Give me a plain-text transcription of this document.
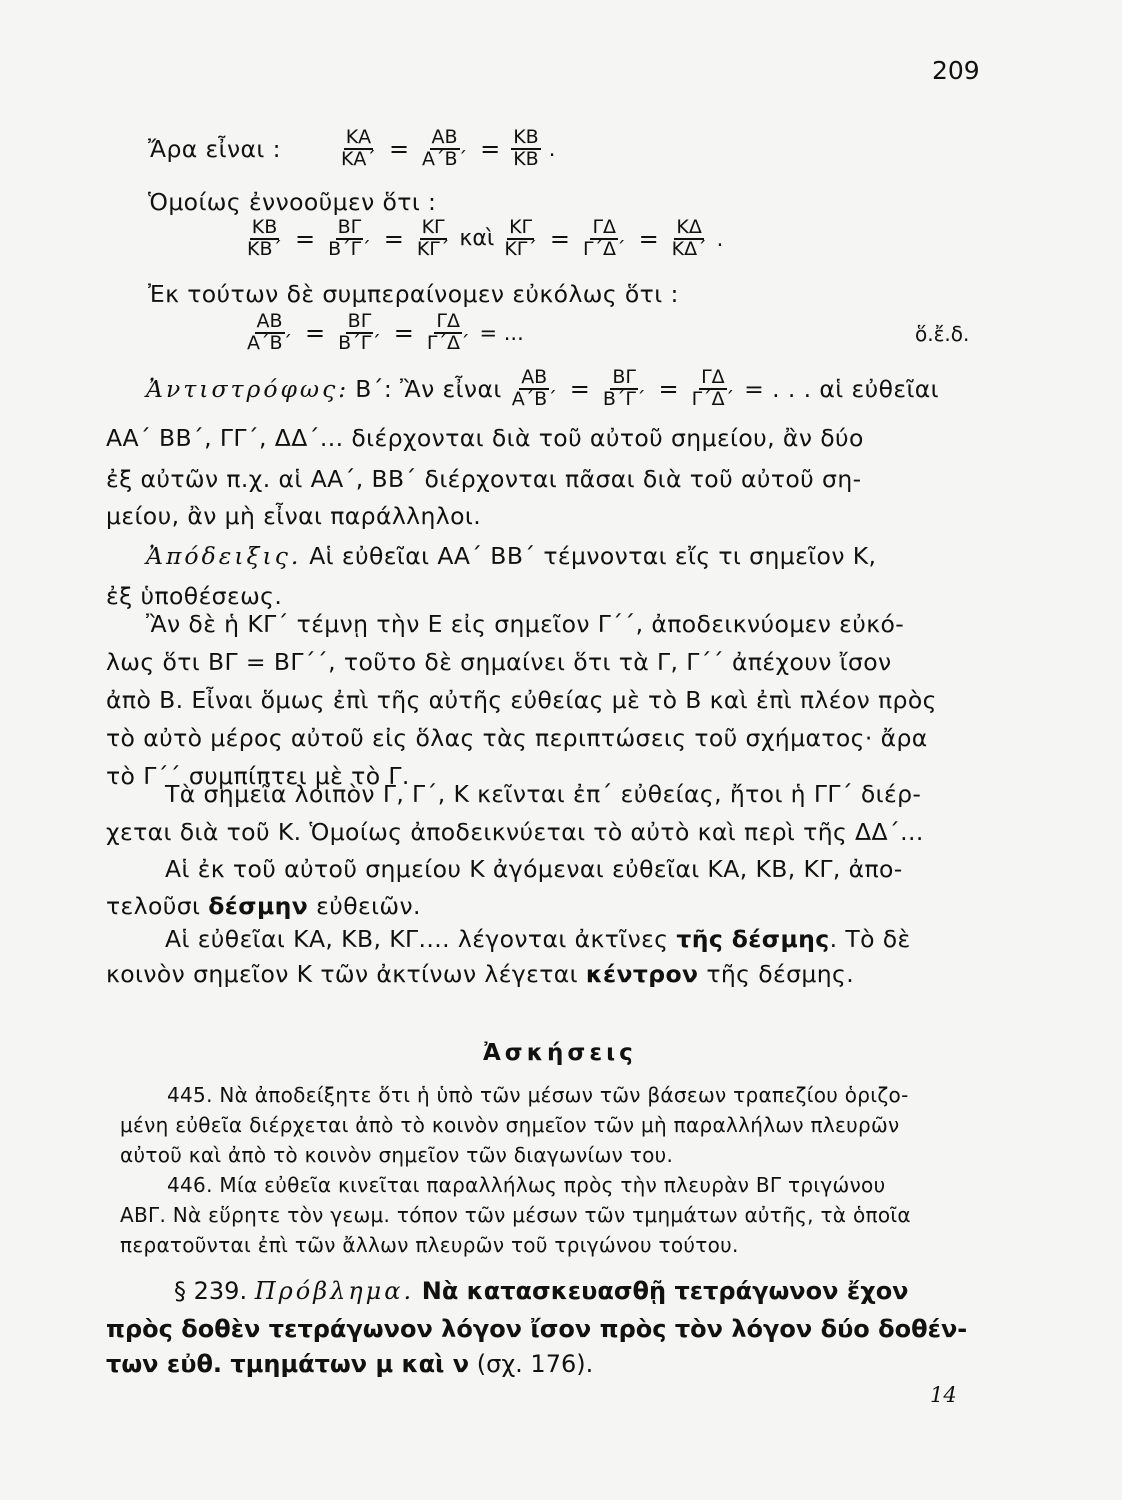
209
Ἄρα εἶναι :	$\frac{KA}{KA΄} = \frac{AB}{A΄B΄} = \frac{KB}{KB}$ .
Ὁμοίως ἐννοοῦμεν ὅτι :
$\frac{KB}{KB΄} = \frac{B\Gamma}{B΄\Gamma΄} = \frac{K\Gamma}{K\Gamma΄}$ καὶ $\frac{K\Gamma}{K\Gamma΄} = \frac{\Gamma\Delta}{\Gamma΄\Delta΄} = \frac{K\Delta}{K\Delta΄}$ .
Ἐκ τούτων δὲ συμπεραίνομεν εὐκόλως ὅτι :
$\frac{AB}{A΄B΄} = \frac{B\Gamma}{B΄\Gamma΄} = \frac{\Gamma\Delta}{\Gamma΄\Delta΄}$ = ...	ὅ.ἔ.δ.
Ἀντιστρόφως: Β΄: Ἂν εἶναι $\frac{AB}{A΄B΄} = \frac{B\Gamma}{B΄\Gamma΄} = \frac{\Gamma\Delta}{\Gamma΄\Delta΄}$ = . . . αἱ εὐθεῖαι
ΑΑ΄ ΒΒ΄, ΓΓ΄, ΔΔ΄... διέρχονται διὰ τοῦ αὐτοῦ σημείου, ἂν δύο
ἐξ αὐτῶν π.χ. αἱ ΑΑ΄, ΒΒ΄ διέρχονται πᾶσαι διὰ τοῦ αὐτοῦ ση-
μείου, ἂν μὴ εἶναι παράλληλοι.
Ἀπόδειξις. Αἱ εὐθεῖαι ΑΑ΄ ΒΒ΄ τέμνονται εἴς τι σημεῖον Κ,
ἐξ ὑποθέσεως.
Ἂν δὲ ἡ ΚΓ΄ τέμνῃ τὴν Ε εἰς σημεῖον Γ΄΄, ἀποδεικνύομεν εὐκό-
λως ὅτι ΒΓ = ΒΓ΄΄, τοῦτο δὲ σημαίνει ὅτι τὰ Γ, Γ΄΄ ἀπέχουν ἴσον
ἀπὸ Β. Εἶναι ὅμως ἐπὶ τῆς αὐτῆς εὐθείας μὲ τὸ Β καὶ ἐπὶ πλέον πρὸς
τὸ αὐτὸ μέρος αὐτοῦ εἰς ὅλας τὰς περιπτώσεις τοῦ σχήματος· ἄρα
τὸ Γ΄΄ συμπίπτει μὲ τὸ Γ.
Τὰ σημεῖα λοιπὸν Γ, Γ΄, Κ κεῖνται ἐπ΄ εὐθείας, ἤτοι ἡ ΓΓ΄ διέρ-
χεται διὰ τοῦ Κ. Ὁμοίως ἀποδεικνύεται τὸ αὐτὸ καὶ περὶ τῆς ΔΔ΄...
Αἱ ἐκ τοῦ αὐτοῦ σημείου Κ ἀγόμεναι εὐθεῖαι ΚΑ, ΚΒ, ΚΓ, ἀπο-
τελοῦσι δέσμην εὐθειῶν.
Αἱ εὐθεῖαι ΚΑ, ΚΒ, ΚΓ.... λέγονται ἀκτῖνες τῆς δέσμης. Τὸ δὲ
κοινὸν σημεῖον Κ τῶν ἀκτίνων λέγεται κέντρον τῆς δέσμης.
Ἀσκήσεις
445. Νὰ ἀποδείξητε ὅτι ἡ ὑπὸ τῶν μέσων τῶν βάσεων τραπεζίου ὁριζο-
μένη εὐθεῖα διέρχεται ἀπὸ τὸ κοινὸν σημεῖον τῶν μὴ παραλλήλων πλευρῶν
αὐτοῦ καὶ ἀπὸ τὸ κοινὸν σημεῖον τῶν διαγωνίων του.
446. Μία εὐθεῖα κινεῖται παραλλήλως πρὸς τὴν πλευρὰν ΒΓ τριγώνου
ΑΒΓ. Νὰ εὕρητε τὸν γεωμ. τόπον τῶν μέσων τῶν τμημάτων αὐτῆς, τὰ ὁποῖα
περατοῦνται ἐπὶ τῶν ἄλλων πλευρῶν τοῦ τριγώνου τούτου.
§ 239. Πρόβλημα. Νὰ κατασκευασθῇ τετράγωνον ἔχον
πρὸς δοθὲν τετράγωνον λόγον ἴσον πρὸς τὸν λόγον δύο δοθέν-
των εὐθ. τμημάτων μ καὶ ν (σχ. 176).
14
